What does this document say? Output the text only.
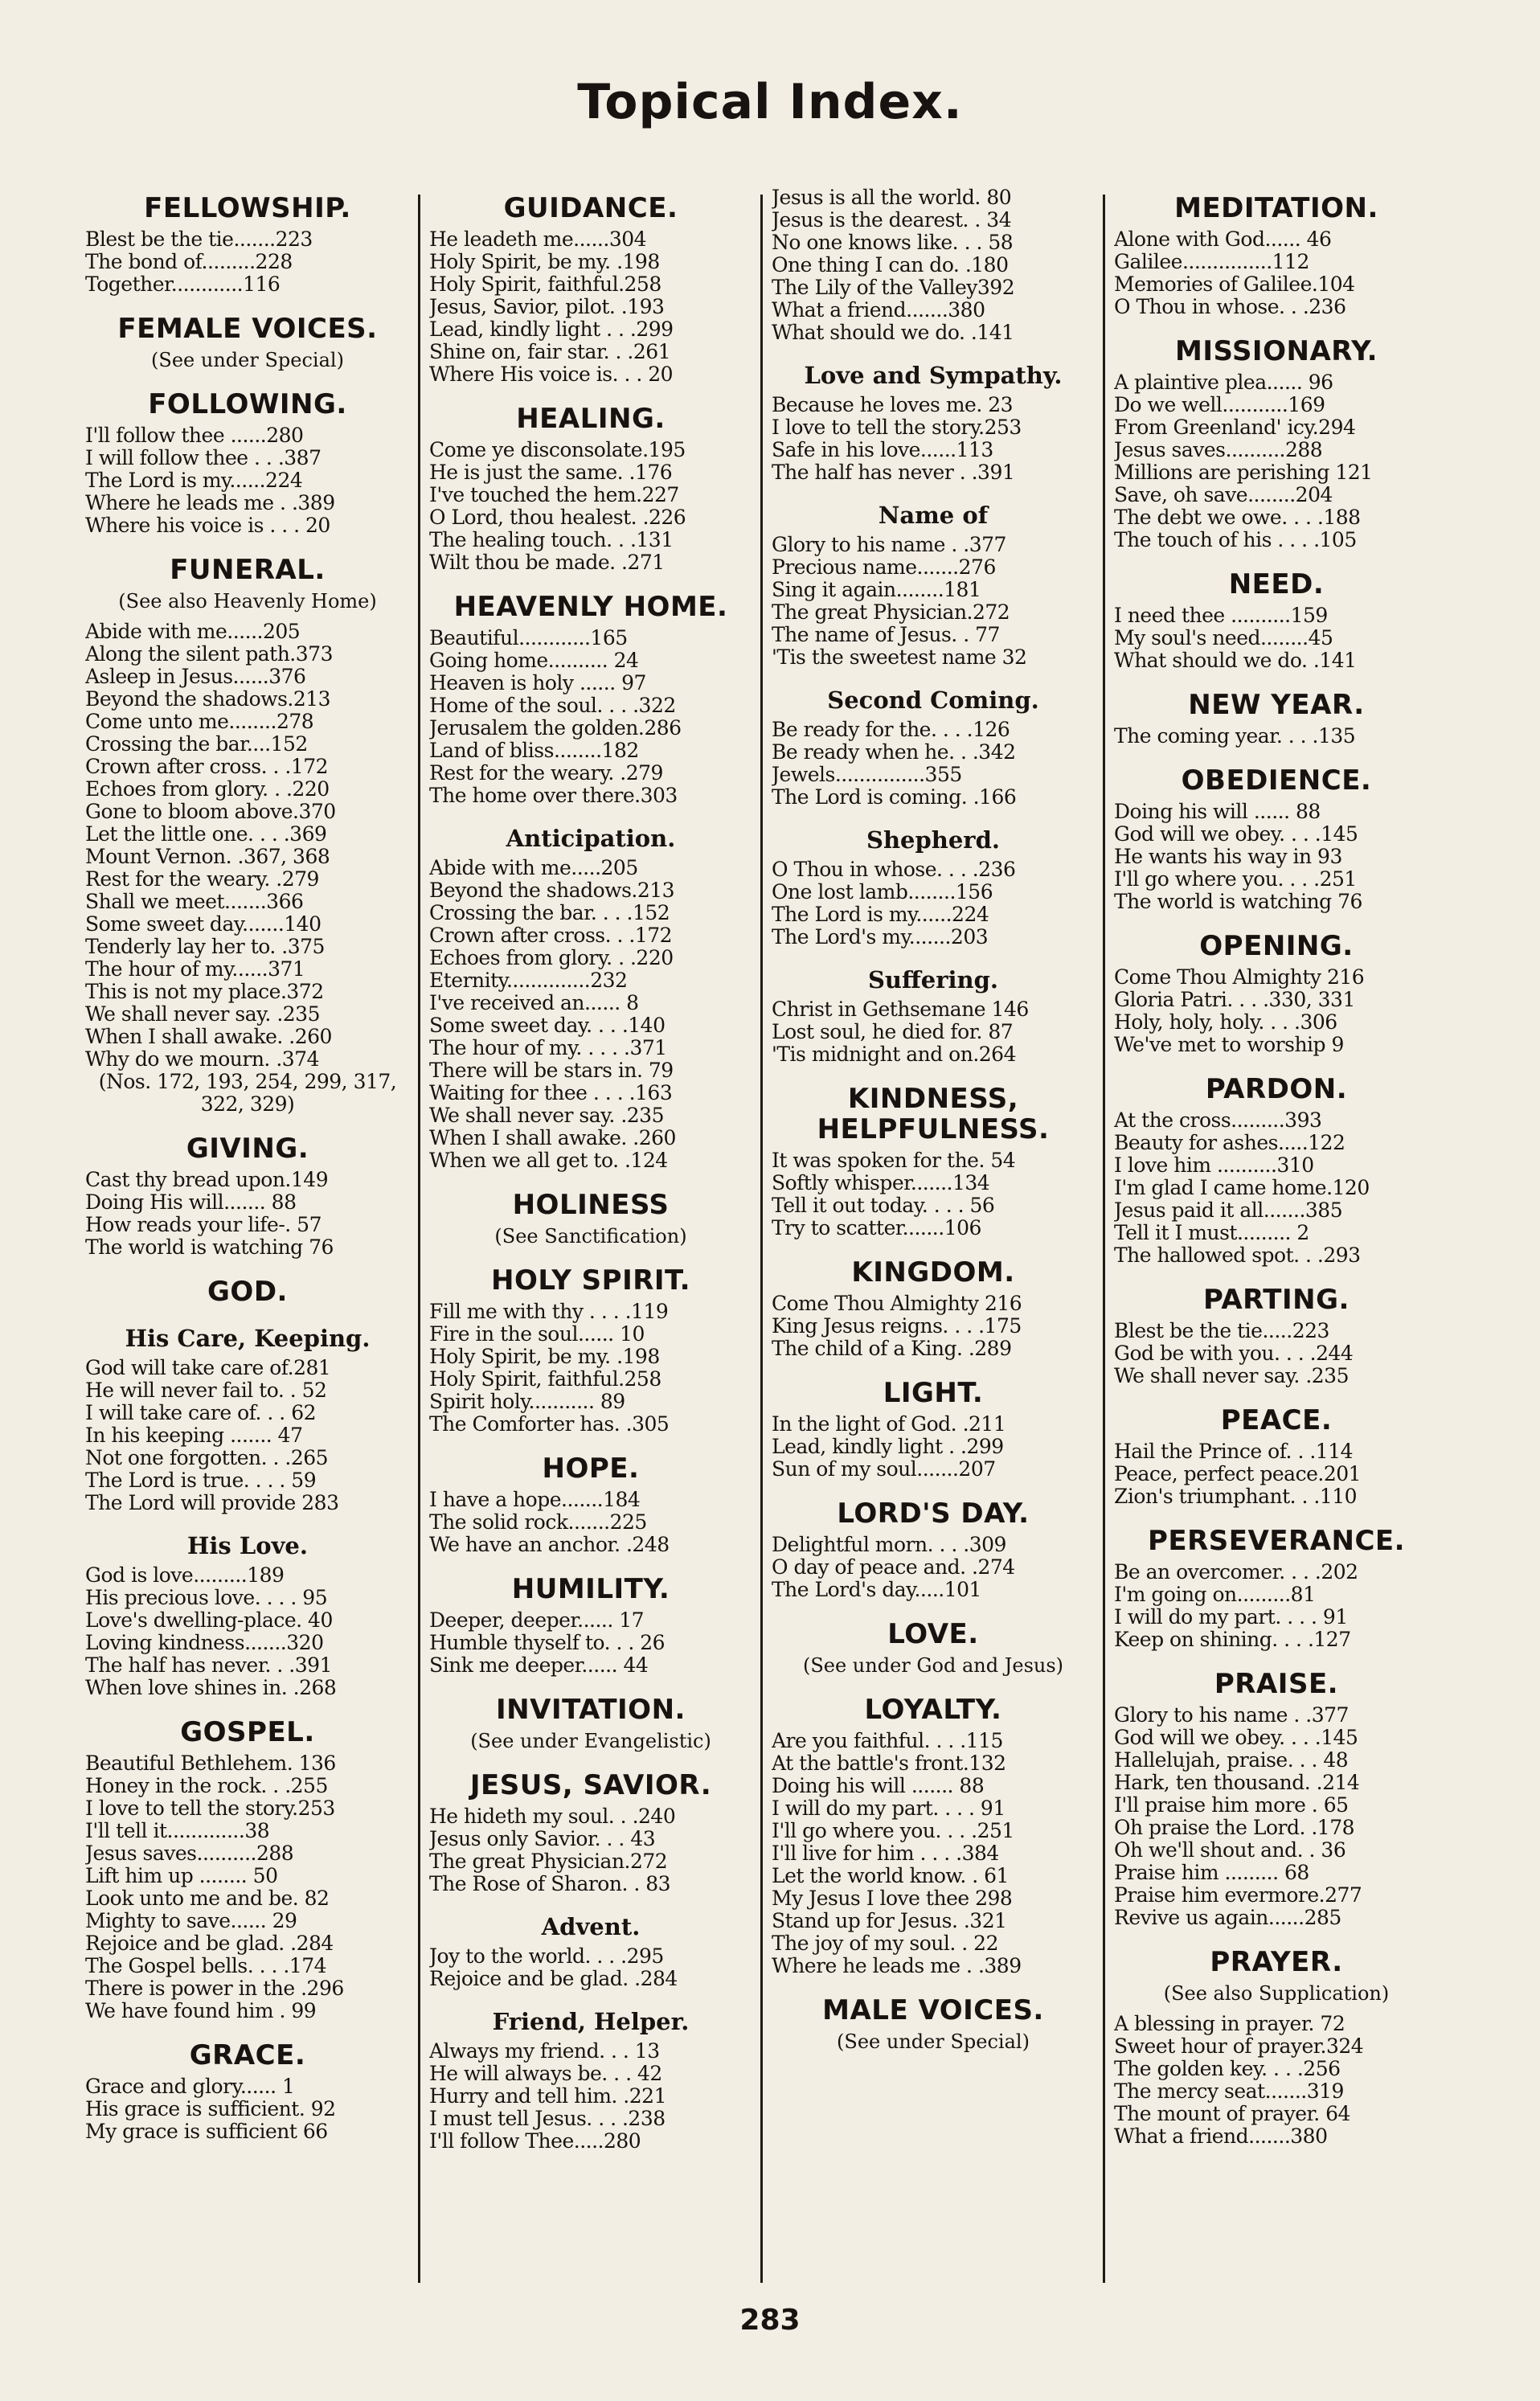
Topical Index.
FELLOWSHIP.
Blest be the tie.......223
The bond of.........228
Together............116
FEMALE VOICES.
(See under Special)
FOLLOWING.
I'll follow thee ......280
I will follow thee . . .387
The Lord is my......224
Where he leads me . .389
Where his voice is . . . 20
FUNERAL.
(See also Heavenly Home)
Abide with me......205
Along the silent path.373
Asleep in Jesus......376
Beyond the shadows.213
Come unto me........278
Crossing the bar....152
Crown after cross. . .172
Echoes from glory. . .220
Gone to bloom above.370
Let the little one. . . .369
Mount Vernon. .367, 368
Rest for the weary. .279
Shall we meet.......366
Some sweet day.......140
Tenderly lay her to. .375
The hour of my......371
This is not my place.372
We shall never say. .235
When I shall awake. .260
Why do we mourn. .374
(Nos. 172, 193, 254, 299, 317, 322, 329)
GIVING.
Cast thy bread upon.149
Doing His will....... 88
How reads your life-. 57
The world is watching 76
GOD.
His Care, Keeping.
God will take care of.281
He will never fail to. . 52
I will take care of. . . 62
In his keeping ....... 47
Not one forgotten. . .265
The Lord is true. . . . 59
The Lord will provide 283
His Love.
God is love.........189
His precious love. . . . 95
Love's dwelling-place. 40
Loving kindness.......320
The half has never. . .391
When love shines in. .268
GOSPEL.
Beautiful Bethlehem. 136
Honey in the rock. . .255
I love to tell the story.253
I'll tell it.............38
Jesus saves..........288
Lift him up ........ 50
Look unto me and be. 82
Mighty to save...... 29
Rejoice and be glad. .284
The Gospel bells. . . .174
There is power in the .296
We have found him . 99
GRACE.
Grace and glory...... 1
His grace is sufficient. 92
My grace is sufficient 66
GUIDANCE.
He leadeth me......304
Holy Spirit, be my. .198
Holy Spirit, faithful.258
Jesus, Savior, pilot. .193
Lead, kindly light . . .299
Shine on, fair star. . .261
Where His voice is. . . 20
HEALING.
Come ye disconsolate.195
He is just the same. .176
I've touched the hem.227
O Lord, thou healest. .226
The healing touch. . .131
Wilt thou be made. .271
HEAVENLY HOME.
Beautiful............165
Going home.......... 24
Heaven is holy ...... 97
Home of the soul. . . .322
Jerusalem the golden.286
Land of bliss........182
Rest for the weary. .279
The home over there.303
Anticipation.
Abide with me.....205
Beyond the shadows.213
Crossing the bar. . . .152
Crown after cross. . .172
Echoes from glory. . .220
Eternity..............232
I've received an...... 8
Some sweet day. . . .140
The hour of my. . . . .371
There will be stars in. 79
Waiting for thee . . . .163
We shall never say. .235
When I shall awake. .260
When we all get to. .124
HOLINESS
(See Sanctification)
HOLY SPIRIT.
Fill me with thy . . . .119
Fire in the soul...... 10
Holy Spirit, be my. .198
Holy Spirit, faithful.258
Spirit holy........... 89
The Comforter has. .305
HOPE.
I have a hope.......184
The solid rock.......225
We have an anchor. .248
HUMILITY.
Deeper, deeper...... 17
Humble thyself to. . . 26
Sink me deeper...... 44
INVITATION.
(See under Evangelistic)
JESUS, SAVIOR.
He hideth my soul. . .240
Jesus only Savior. . . 43
The great Physician.272
The Rose of Sharon. . 83
Advent.
Joy to the world. . . .295
Rejoice and be glad. .284
Friend, Helper.
Always my friend. . . 13
He will always be. . . 42
Hurry and tell him. .221
I must tell Jesus. . . .238
I'll follow Thee.....280
Jesus is all the world. 80
Jesus is the dearest. . 34
No one knows like. . . 58
One thing I can do. .180
The Lily of the Valley392
What a friend.......380
What should we do. .141
Love and Sympathy.
Because he loves me. 23
I love to tell the story.253
Safe in his love......113
The half has never . .391
Name of
Glory to his name . .377
Precious name.......276
Sing it again........181
The great Physician.272
The name of Jesus. . 77
'Tis the sweetest name 32
Second Coming.
Be ready for the. . . .126
Be ready when he. . .342
Jewels...............355
The Lord is coming. .166
Shepherd.
O Thou in whose. . . .236
One lost lamb........156
The Lord is my......224
The Lord's my.......203
Suffering.
Christ in Gethsemane 146
Lost soul, he died for. 87
'Tis midnight and on.264
KINDNESS, HELPFULNESS.
It was spoken for the. 54
Softly whisper.......134
Tell it out today. . . . 56
Try to scatter.......106
KINGDOM.
Come Thou Almighty 216
King Jesus reigns. . . .175
The child of a King. .289
LIGHT.
In the light of God. .211
Lead, kindly light . .299
Sun of my soul.......207
LORD'S DAY.
Delightful morn. . . .309
O day of peace and. .274
The Lord's day.....101
LOVE.
(See under God and Jesus)
LOYALTY.
Are you faithful. . . .115
At the battle's front.132
Doing his will ....... 88
I will do my part. . . . 91
I'll go where you. . . .251
I'll live for him . . . .384
Let the world know. . 61
My Jesus I love thee 298
Stand up for Jesus. .321
The joy of my soul. . 22
Where he leads me . .389
MALE VOICES.
(See under Special)
MEDITATION.
Alone with God...... 46
Galilee...............112
Memories of Galilee.104
O Thou in whose. . .236
MISSIONARY.
A plaintive plea...... 96
Do we well...........169
From Greenland' icy.294
Jesus saves..........288
Millions are perishing 121
Save, oh save........204
The debt we owe. . . .188
The touch of his . . . .105
NEED.
I need thee ..........159
My soul's need........45
What should we do. .141
NEW YEAR.
The coming year. . . .135
OBEDIENCE.
Doing his will ...... 88
God will we obey. . . .145
He wants his way in 93
I'll go where you. . . .251
The world is watching 76
OPENING.
Come Thou Almighty 216
Gloria Patri. . . .330, 331
Holy, holy, holy. . . .306
We've met to worship 9
PARDON.
At the cross.........393
Beauty for ashes.....122
I love him ..........310
I'm glad I came home.120
Jesus paid it all.......385
Tell it I must......... 2
The hallowed spot. . .293
PARTING.
Blest be the tie.....223
God be with you. . . .244
We shall never say. .235
PEACE.
Hail the Prince of. . .114
Peace, perfect peace.201
Zion's triumphant. . .110
PERSEVERANCE.
Be an overcomer. . . .202
I'm going on.........81
I will do my part. . . . 91
Keep on shining. . . .127
PRAISE.
Glory to his name . .377
God will we obey. . . .145
Hallelujah, praise. . . 48
Hark, ten thousand. .214
I'll praise him more . 65
Oh praise the Lord. .178
Oh we'll shout and. . 36
Praise him ......... 68
Praise him evermore.277
Revive us again......285
PRAYER.
(See also Supplication)
A blessing in prayer. 72
Sweet hour of prayer.324
The golden key. . . .256
The mercy seat.......319
The mount of prayer. 64
What a friend.......380
283
